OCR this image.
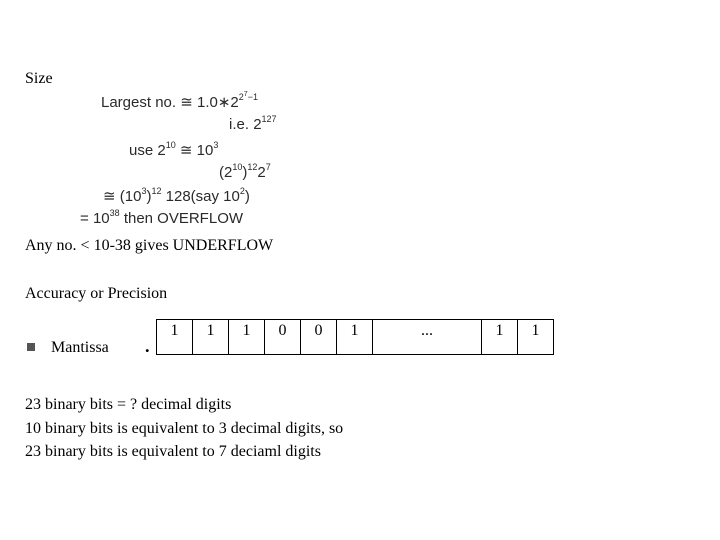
Size
Largest no. ≅ $1.0∗2^{2^7-1}$
i.e. $2^{127}$
use $2^{10}$ ≅ $10^3$
$(2^{10})^{12}2^7$
≅ $(10^3)^{12}$ 128(say $10^2$)
= $10^{38}$ then OVERFLOW
Any no. < 10-38 gives UNDERFLOW
Accuracy or Precision
Mantissa .
1	1	1	0	0	1	...	1	1
23 binary bits = ? decimal digits
10 binary bits is equivalent to 3 decimal digits, so
23 binary bits is equivalent to 7 deciaml digits
